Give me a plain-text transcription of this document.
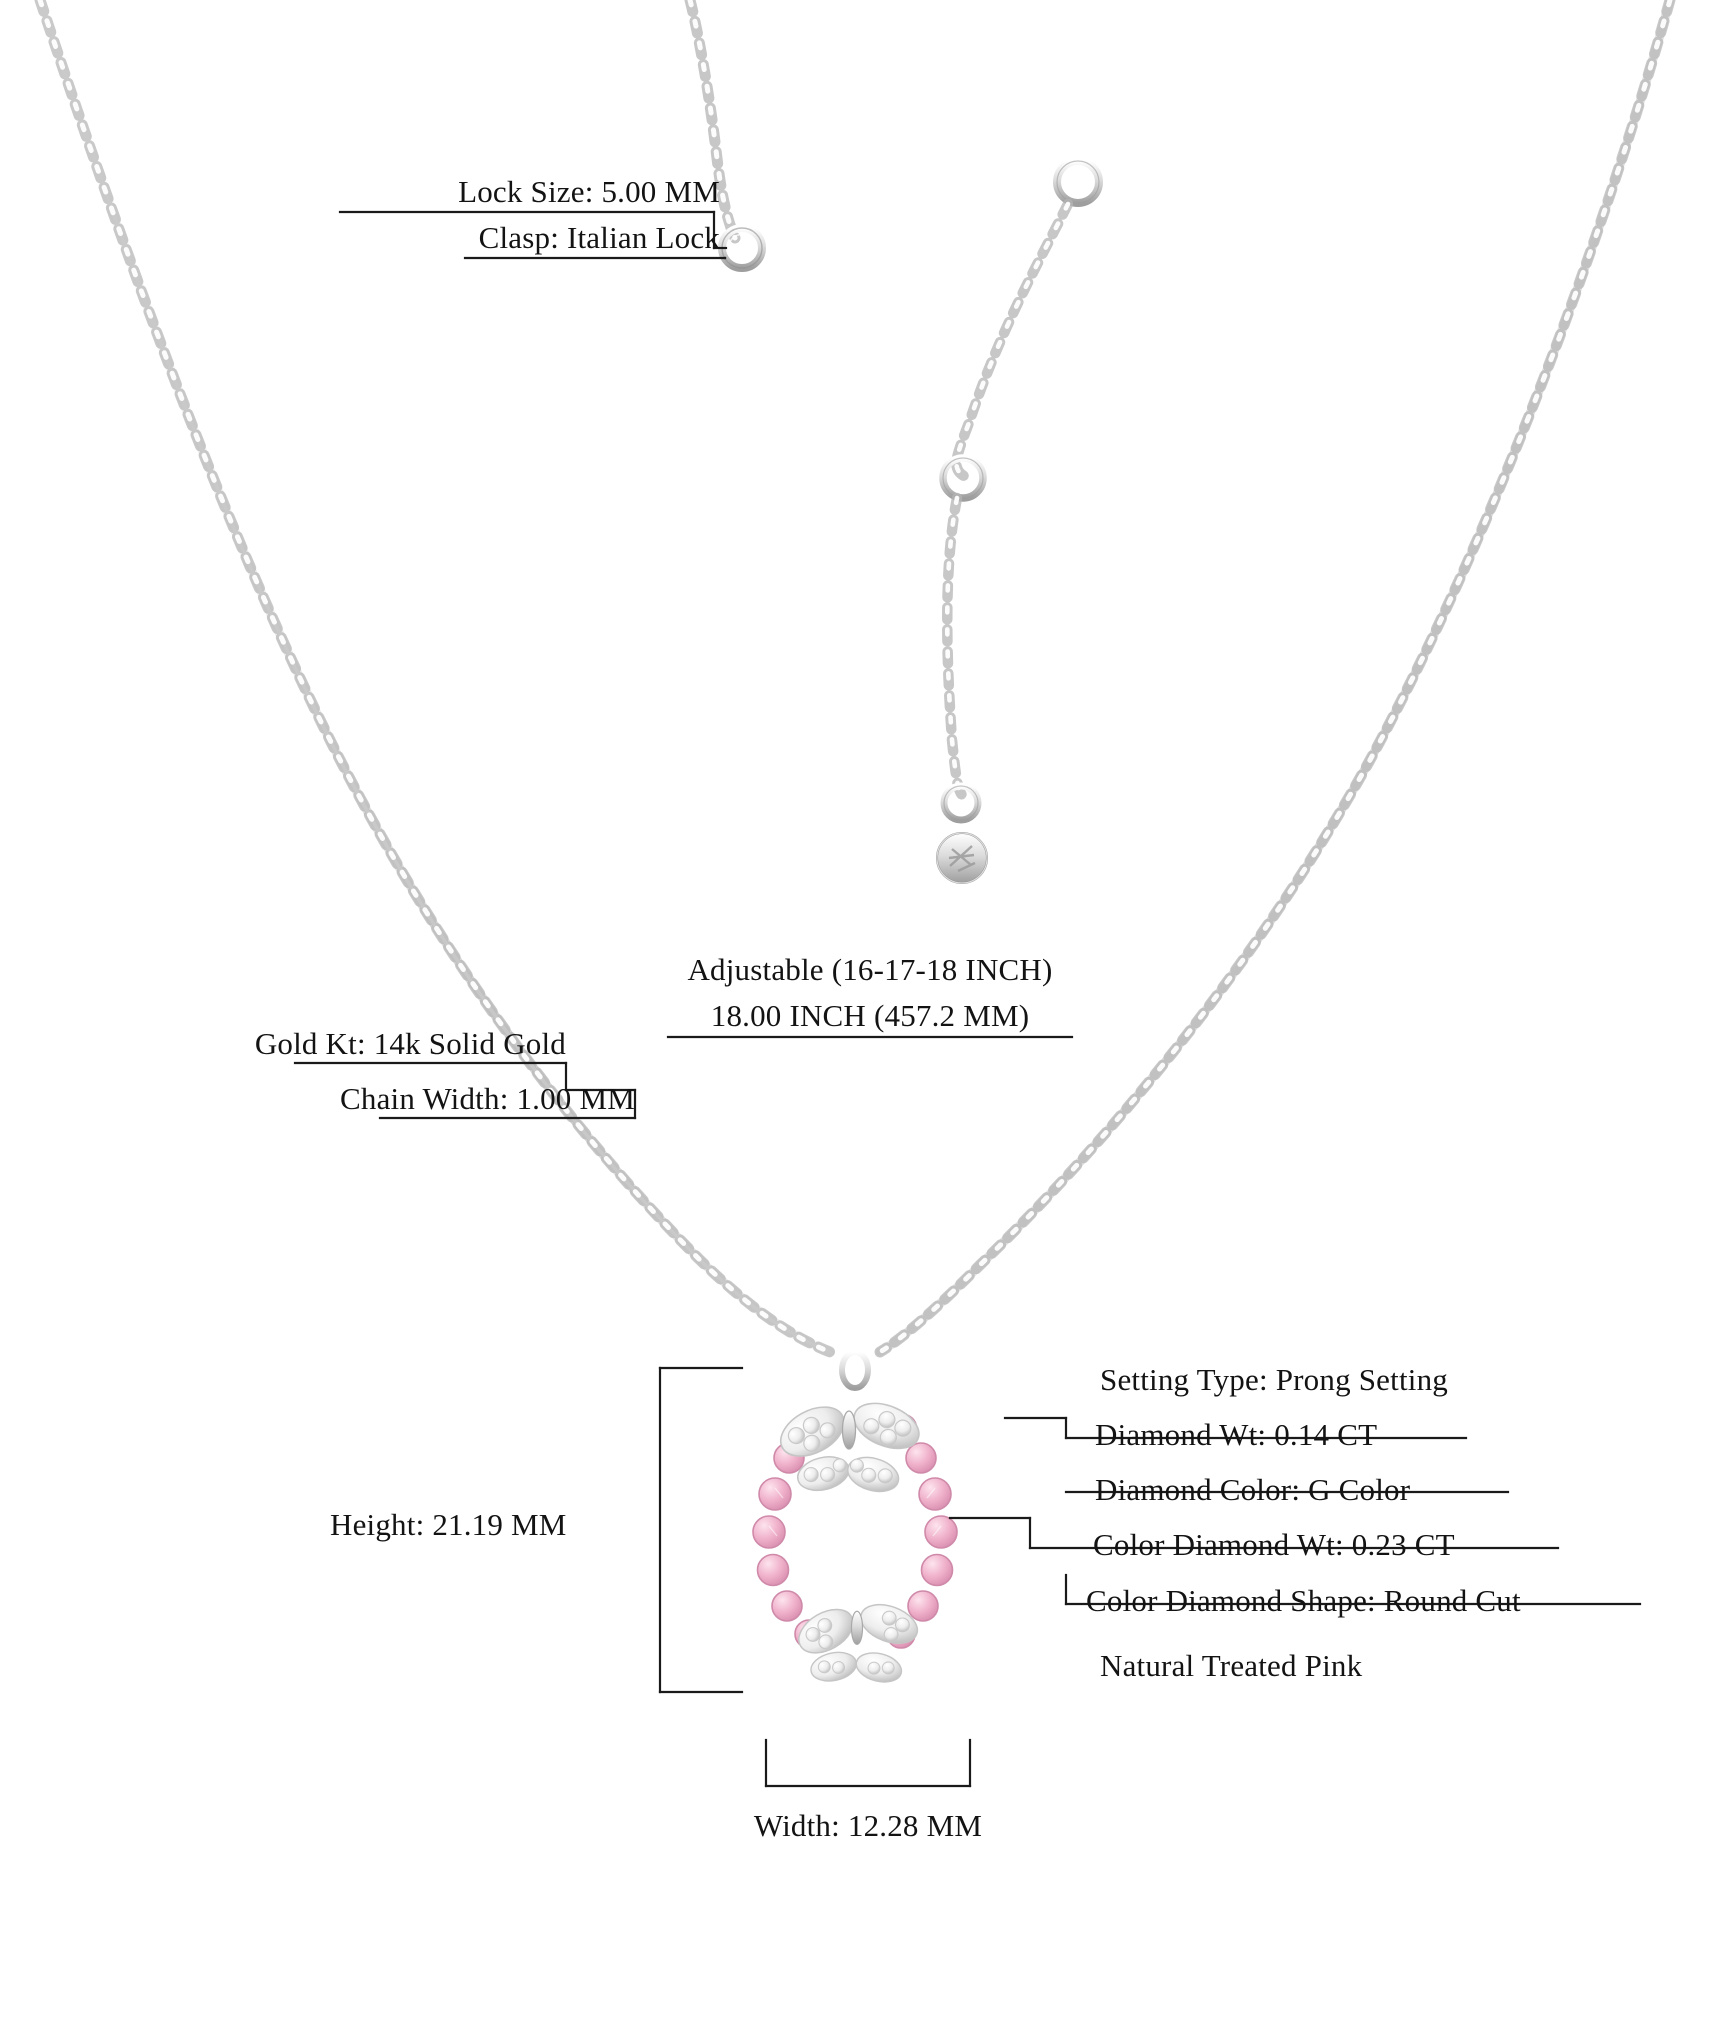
Lock Size: 5.00 MM
Clasp: Italian Lock
Adjustable (16-17-18 INCH)
18.00 INCH (457.2 MM)
Gold Kt: 14k Solid Gold
Chain Width: 1.00 MM
Height: 21.19 MM
Width: 12.28 MM
Setting Type: Prong Setting
Diamond Wt: 0.14 CT
Diamond Color: G Color
Color Diamond Wt: 0.23 CT
Color Diamond Shape: Round Cut
Natural Treated Pink
